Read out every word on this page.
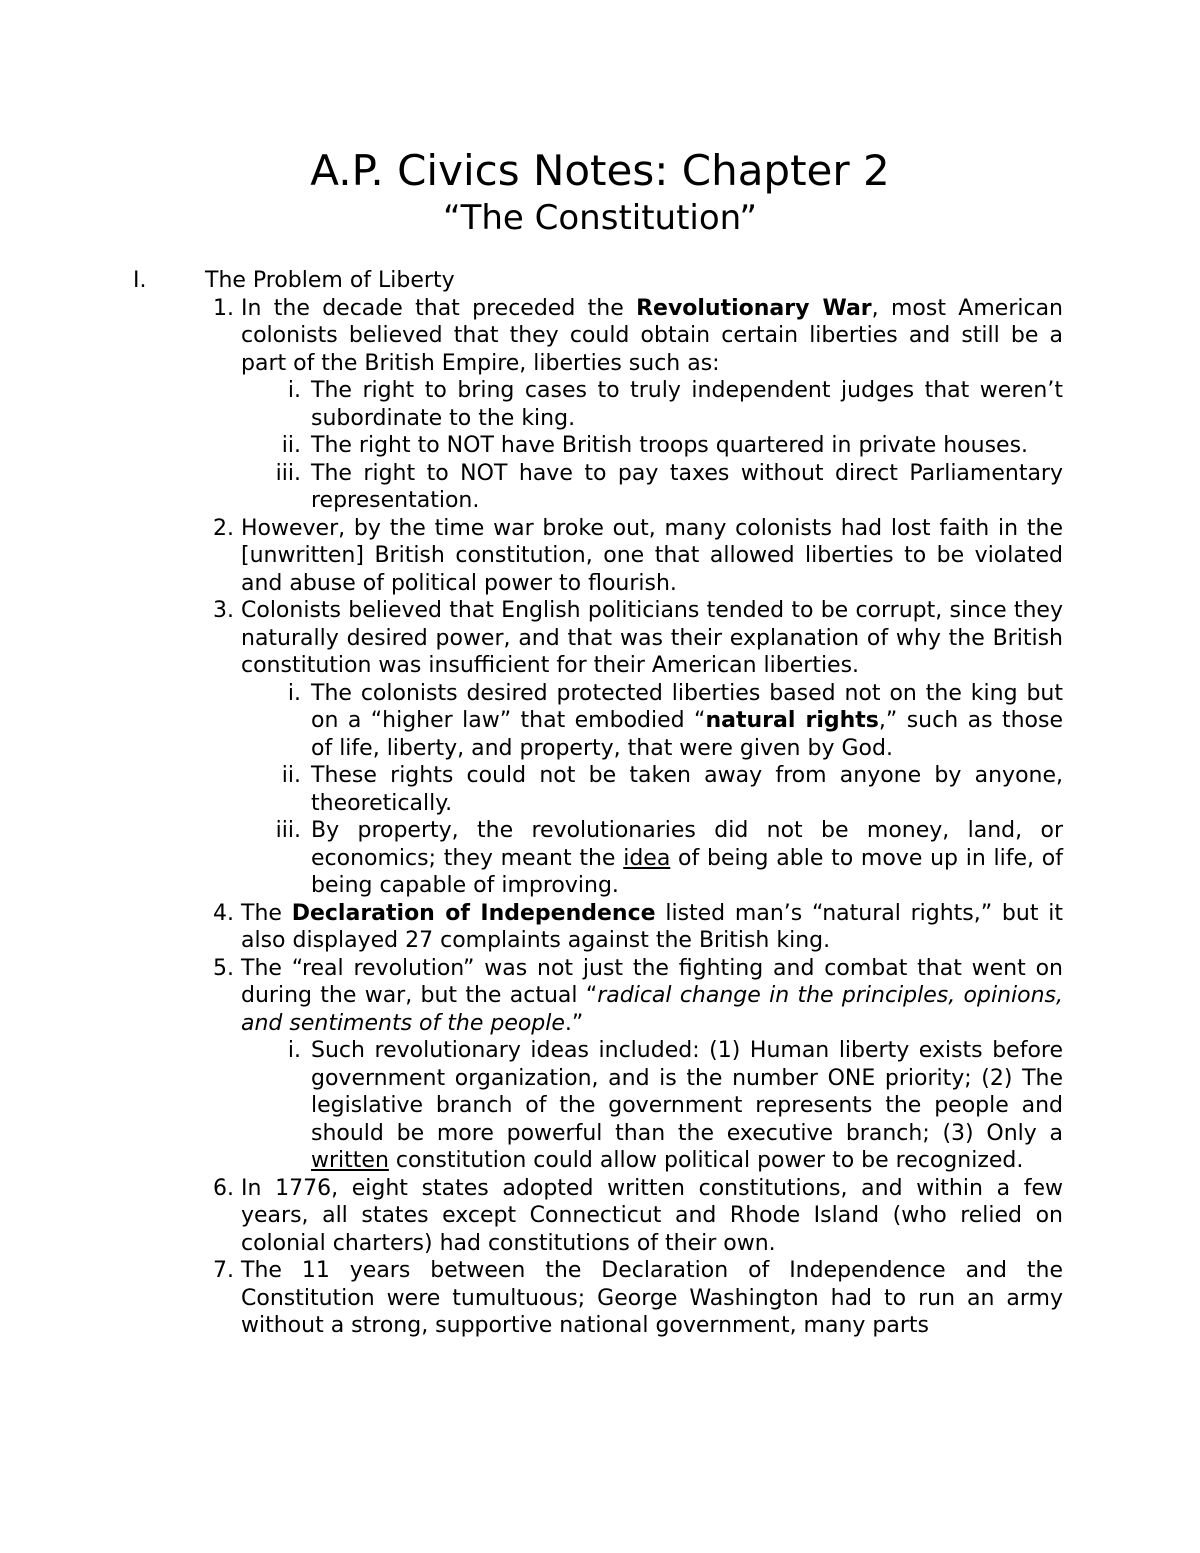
A.P. Civics Notes: Chapter 2
“The Constitution”
I.	The Problem of Liberty
1. In the decade that preceded the Revolutionary War, most American colonists believed that they could obtain certain liberties and still be a part of the British Empire, liberties such as:
i. The right to bring cases to truly independent judges that weren’t subordinate to the king.
ii. The right to NOT have British troops quartered in private houses.
iii. The right to NOT have to pay taxes without direct Parliamentary representation.
2. However, by the time war broke out, many colonists had lost faith in the [unwritten] British constitution, one that allowed liberties to be violated and abuse of political power to flourish.
3. Colonists believed that English politicians tended to be corrupt, since they naturally desired power, and that was their explanation of why the British constitution was insufficient for their American liberties.
i. The colonists desired protected liberties based not on the king but on a “higher law” that embodied “natural rights,” such as those of life, liberty, and property, that were given by God.
ii. These rights could not be taken away from anyone by anyone, theoretically.
iii. By property, the revolutionaries did not be money, land, or economics; they meant the idea of being able to move up in life, of being capable of improving.
4. The Declaration of Independence listed man’s “natural rights,” but it also displayed 27 complaints against the British king.
5. The “real revolution” was not just the fighting and combat that went on during the war, but the actual “radical change in the principles, opinions, and sentiments of the people.”
i. Such revolutionary ideas included: (1) Human liberty exists before government organization, and is the number ONE priority; (2) The legislative branch of the government represents the people and should be more powerful than the executive branch; (3) Only a written constitution could allow political power to be recognized.
6. In 1776, eight states adopted written constitutions, and within a few years, all states except Connecticut and Rhode Island (who relied on colonial charters) had constitutions of their own.
7. The 11 years between the Declaration of Independence and the Constitution were tumultuous; George Washington had to run an army without a strong, supportive national government, many parts
